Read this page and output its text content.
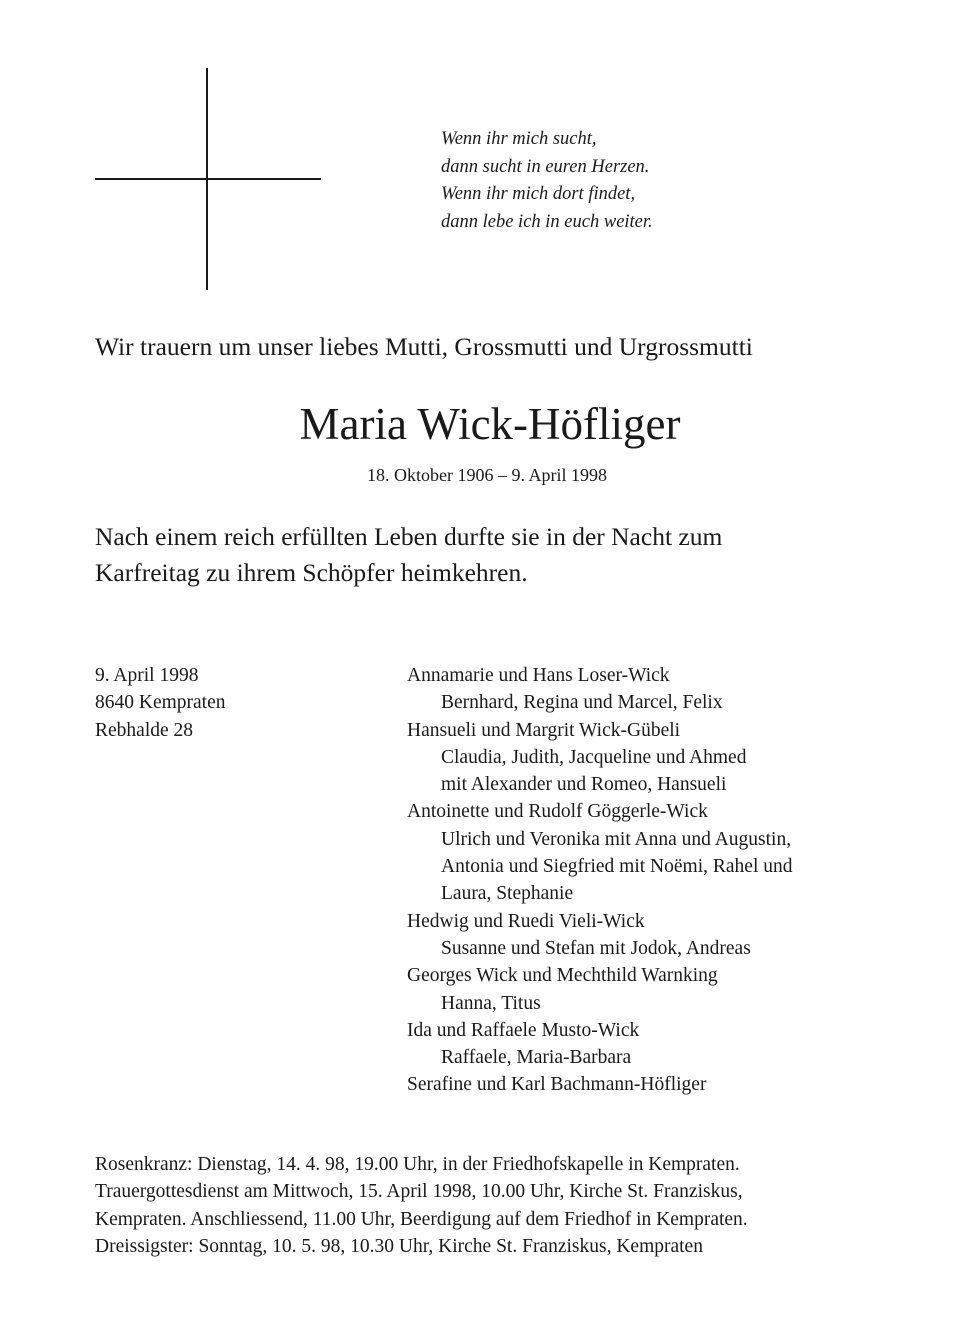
Wenn ihr mich sucht,
dann sucht in euren Herzen.
Wenn ihr mich dort findet,
dann lebe ich in euch weiter.
Wir trauern um unser liebes Mutti, Grossmutti und Urgrossmutti
Maria Wick-Höfliger
18. Oktober 1906 – 9. April 1998
Nach einem reich erfüllten Leben durfte sie in der Nacht zum
Karfreitag zu ihrem Schöpfer heimkehren.
9. April 1998
8640 Kempraten
Rebhalde 28
Annamarie und Hans Loser-Wick
Bernhard, Regina und Marcel, Felix
Hansueli und Margrit Wick-Gübeli
Claudia, Judith, Jacqueline und Ahmed
mit Alexander und Romeo, Hansueli
Antoinette und Rudolf Göggerle-Wick
Ulrich und Veronika mit Anna und Augustin,
Antonia und Siegfried mit Noëmi, Rahel und
Laura, Stephanie
Hedwig und Ruedi Vieli-Wick
Susanne und Stefan mit Jodok, Andreas
Georges Wick und Mechthild Warnking
Hanna, Titus
Ida und Raffaele Musto-Wick
Raffaele, Maria-Barbara
Serafine und Karl Bachmann-Höfliger
Rosenkranz: Dienstag, 14. 4. 98, 19.00 Uhr, in der Friedhofskapelle in Kempraten.
Trauergottesdienst am Mittwoch, 15. April 1998, 10.00 Uhr, Kirche St. Franziskus,
Kempraten. Anschliessend, 11.00 Uhr, Beerdigung auf dem Friedhof in Kempraten.
Dreissigster: Sonntag, 10. 5. 98, 10.30 Uhr, Kirche St. Franziskus, Kempraten
